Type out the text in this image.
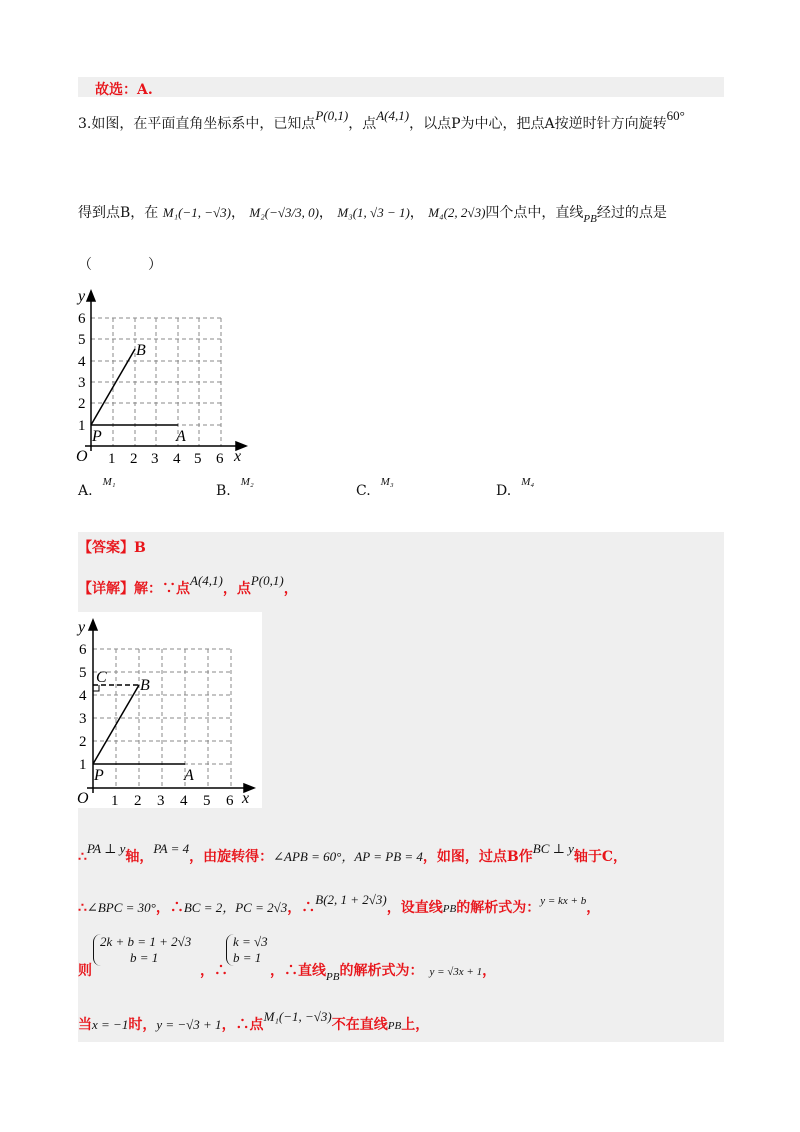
故选：A.
3.如图，在平面直角坐标系中，已知点P(0,1)，点A(4,1)，以点P为中心，把点A按逆时针方向旋转60°
得到点B，在 M₁(−1, −√3)， M₂(−√3/3, 0)， M₃(1, √3 − 1)， M₄(2, 2√3)四个点中，直线$_{PB}$经过的点是
（　　　　）
y
x
O
P	A
B
1 2 3 4 5 6
1
2
3
4
5
6
A.$^{M_1}$
B.$^{M_2}$
C.$^{M_3}$
D.$^{M_4}$
【答案】B
【详解】解：∵点A(4,1)，点P(0,1)，
y
x
O
P	A
B
C
1 2 3 4 5 6
1
2
3
4
5
6
∴PA ⊥ y轴，PA = 4，由旋转得：∠APB = 60°，AP = PB = 4，如图，过点B作BC ⊥ y轴于C，
∴∠BPC = 30°，∴BC = 2，PC = 2√3，∴B(2, 1 + 2√3)，设直线PB的解析式为：$^{y = kx + b}$，
则
2k + b = 1 + 2√3
b = 1
，∴
k = √3
b = 1
，∴直线$_{PB}$的解析式为： y = √3x + 1，
当x = −1时，y = −√3 + 1，∴点M₁(−1, −√3)不在直线PB上，
